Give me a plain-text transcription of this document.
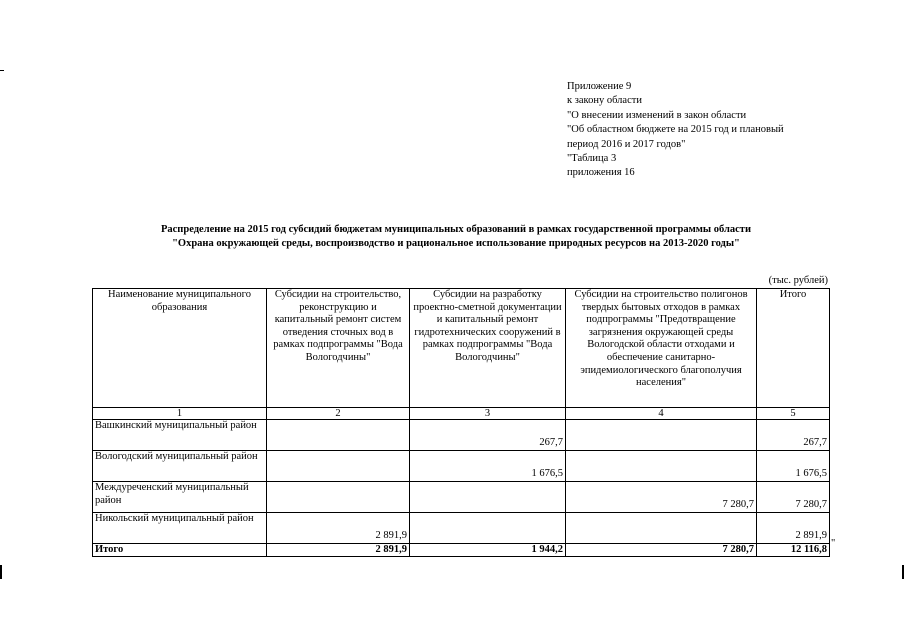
Приложение 9
к закону области
"О внесении изменений в закон области
"Об областном бюджете на 2015 год и плановый
период 2016 и 2017 годов"
"Таблица 3
приложения 16
Распределение на 2015 год субсидий бюджетам муниципальных образований в рамках государственной программы области
"Охрана окружающей среды, воспроизводство и рациональное использование природных ресурсов на 2013-2020 годы"
(тыс. рублей)
Наименование муниципального образования	Субсидии на строительство, реконструкцию и капитальный ремонт систем отведения сточных вод в рамках подпрограммы "Вода Вологодчины"	Субсидии на разработку проектно-сметной документации и капитальный ремонт гидротехнических сооружений в рамках подпрограммы "Вода Вологодчины"	Субсидии на строительство полигонов твердых бытовых отходов в рамках подпрограммы "Предотвращение загрязнения окружающей среды Вологодской области отходами и обеспечение санитарно-эпидемиологического благополучия населения"	Итого
1	2	3	4	5
Вашкинский муниципальный район		267,7		267,7
Вологодский муниципальный район		1 676,5		1 676,5
Междуреченский муниципальный район			7 280,7	7 280,7
Никольский муниципальный район	2 891,9			2 891,9
Итого	2 891,9	1 944,2	7 280,7	12 116,8
"
